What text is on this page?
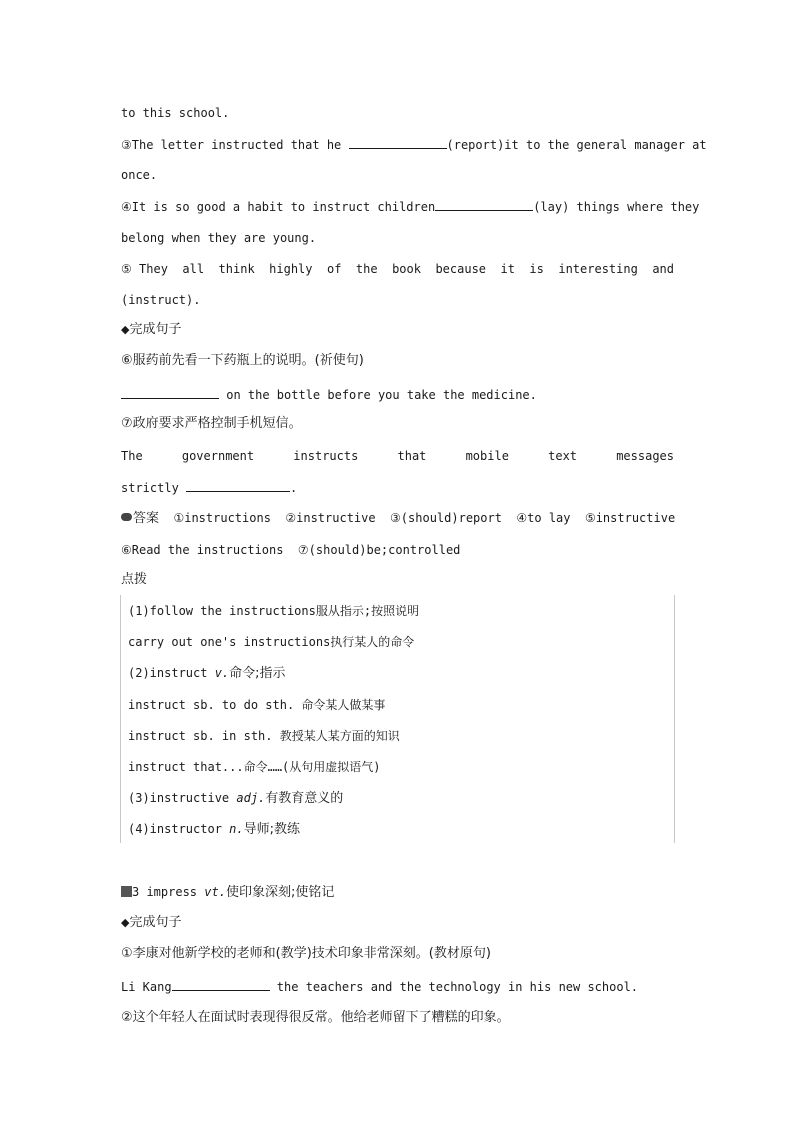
to this school.
③The letter instructed that he	(report)it to the general manager at
once.
④It is so good a habit to instruct children	(lay) things where they
belong when they are young.
⑤They all think highly of the book because it is interesting and
(instruct).
◆完成句子
⑥服药前先看一下药瓶上的说明。(祈使句)
on the bottle before you take the medicine.
⑦政府要求严格控制手机短信。
The government instructs that mobile text messages
strictly	.
答案  ①instructions  ②instructive  ③(should)report  ④to lay  ⑤instructive
⑥Read the instructions  ⑦(should)be;controlled
点拨
(1)follow the instructions服从指示;按照说明
carry out one's instructions执行某人的命令
(2)instruct v.命令;指示
instruct sb. to do sth. 命令某人做某事
instruct sb. in sth. 教授某人某方面的知识
instruct that...命令……(从句用虚拟语气)
(3)instructive adj.有教育意义的
(4)instructor n.导师;教练
3 impress vt.使印象深刻;使铭记
◆完成句子
①李康对他新学校的老师和(教学)技术印象非常深刻。(教材原句)
Li Kang	the teachers and the technology in his new school.
②这个年轻人在面试时表现得很反常。他给老师留下了糟糕的印象。
